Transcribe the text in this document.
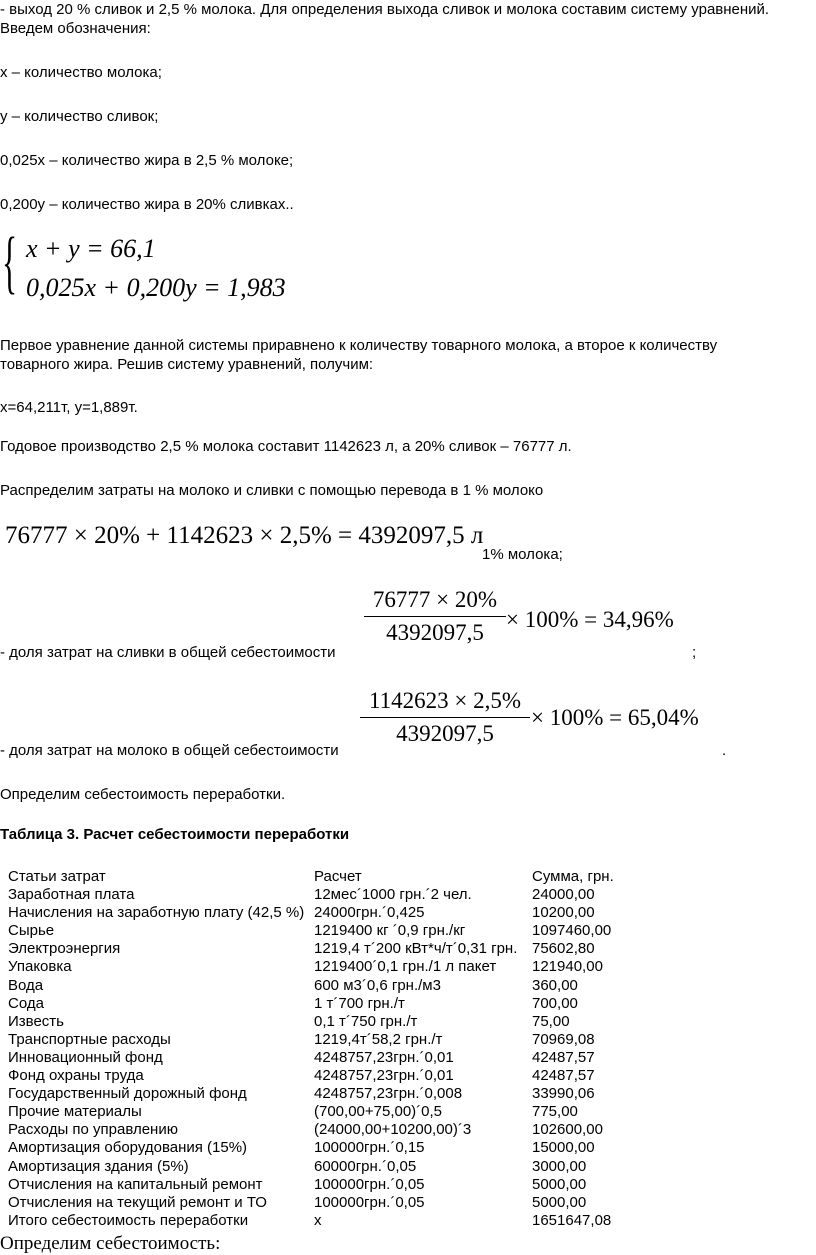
- выход 20 % сливок и 2,5 % молока. Для определения выхода сливок и молока составим систему уравнений.
Введем обозначения:
х – количество молока;
у – количество сливок;
0,025х – количество жира в 2,5 % молоке;
0,200у – количество жира в 20% сливках..
{ x + y = 66,1
0,025x + 0,200y = 1,983
Первое уравнение данной системы приравнено к количеству товарного молока, а второе к количеству
товарного жира. Решив систему уравнений, получим:
х=64,211т, у=1,889т.
Годовое производство 2,5 % молока составит 1142623 л, а 20% сливок – 76777 л.
Распределим затраты на молоко и сливки с помощью перевода в 1 % молоко
76777 × 20% + 1142623 × 2,5% = 4392097,5 л
1% молока;
76777 × 20%
4392097,5
× 100% = 34,96%
- доля затрат на сливки в общей себестоимости	;
1142623 × 2,5%
4392097,5
× 100% = 65,04%
- доля затрат на молоко в общей себестоимости	.
Определим себестоимость переработки.
Таблица 3. Расчет себестоимости переработки
Статьи затрат	Расчет	Сумма, грн.
Заработная плата	12мес´1000 грн.´2 чел.	24000,00
Начисления на заработную плату (42,5 %)	24000грн.´0,425	10200,00
Сырье	1219400 кг ´0,9 грн./кг	1097460,00
Электроэнергия	1219,4 т´200 кВт*ч/т´0,31 грн.	75602,80
Упаковка	1219400´0,1 грн./1 л пакет	121940,00
Вода	600 м3´0,6 грн./м3	360,00
Сода	1 т´700 грн./т	700,00
Известь	0,1 т´750 грн./т	75,00
Транспортные расходы	1219,4т´58,2 грн./т	70969,08
Инновационный фонд	4248757,23грн.´0,01	42487,57
Фонд охраны труда	4248757,23грн.´0,01	42487,57
Государственный дорожный фонд	4248757,23грн.´0,008	33990,06
Прочие материалы	(700,00+75,00)´0,5	775,00
Расходы по управлению	(24000,00+10200,00)´3	102600,00
Амортизация оборудования (15%)	100000грн.´0,15	15000,00
Амортизация здания (5%)	60000грн.´0,05	3000,00
Отчисления на капитальный ремонт	100000грн.´0,05	5000,00
Отчисления на текущий ремонт и ТО	100000грн.´0,05	5000,00
Итого себестоимость переработки	х	1651647,08
Определим себестоимость:
